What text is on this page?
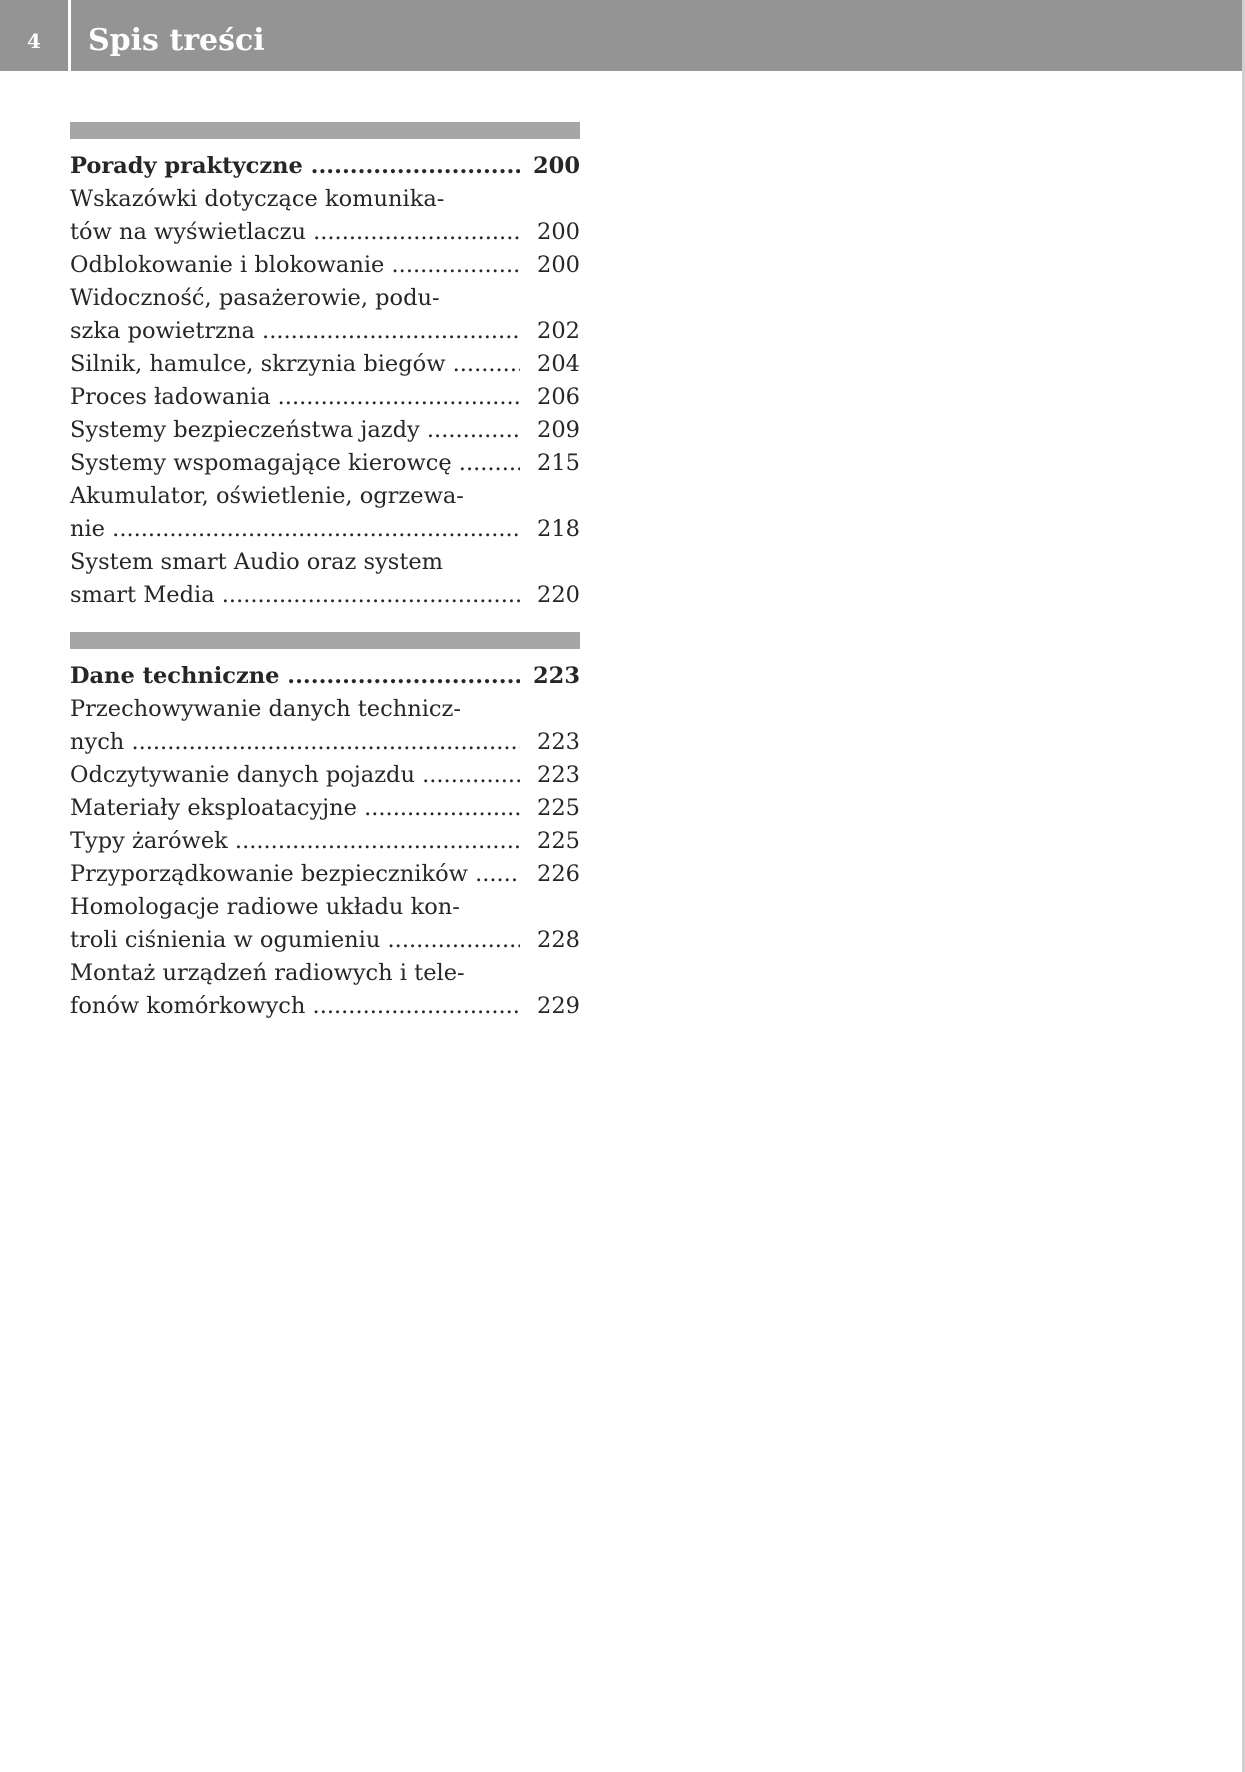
4	Spis treści
Porady praktyczne .....	200
Wskazówki dotyczące komunika-
tów na wyświetlaczu .....	200
Odblokowanie i blokowanie .....	200
Widoczność, pasażerowie, podu-
szka powietrzna .....	202
Silnik, hamulce, skrzynia biegów .....	204
Proces ładowania .....	206
Systemy bezpieczeństwa jazdy .....	209
Systemy wspomagające kierowcę .....	215
Akumulator, oświetlenie, ogrzewa-
nie .....	218
System smart Audio oraz system
smart Media .....	220
Dane techniczne .....	223
Przechowywanie danych technicz-
nych .....	223
Odczytywanie danych pojazdu .....	223
Materiały eksploatacyjne .....	225
Typy żarówek .....	225
Przyporządkowanie bezpieczników .....	226
Homologacje radiowe układu kon-
troli ciśnienia w ogumieniu .....	228
Montaż urządzeń radiowych i tele-
fonów komórkowych .....	229
